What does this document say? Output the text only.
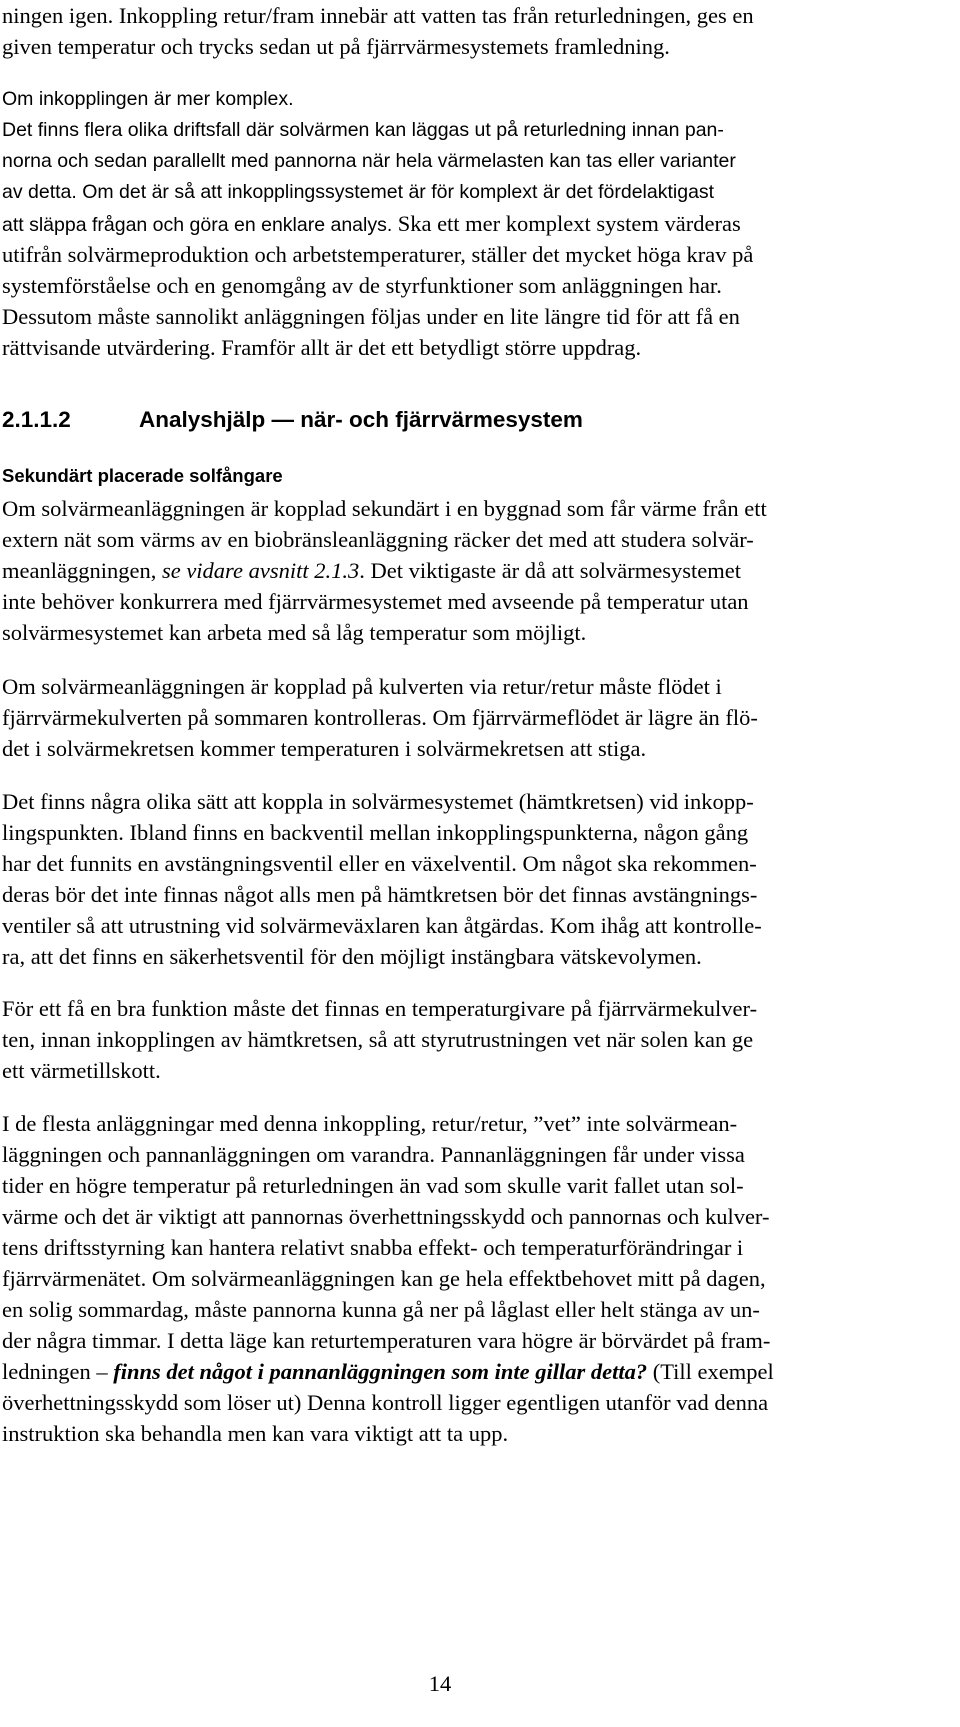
ningen igen. Inkoppling retur/fram innebär att vatten tas från returledningen, ges en
given temperatur och trycks sedan ut på fjärrvärmesystemets framledning.
Om inkopplingen är mer komplex.
Det finns flera olika driftsfall där solvärmen kan läggas ut på returledning innan pan-
norna och sedan parallellt med pannorna när hela värmelasten kan tas eller varianter
av detta. Om det är så att inkopplingssystemet är för komplext är det fördelaktigast
att släppa frågan och göra en enklare analys. Ska ett mer komplext system värderas
utifrån solvärmeproduktion och arbetstemperaturer, ställer det mycket höga krav på
systemförståelse och en genomgång av de styrfunktioner som anläggningen har.
Dessutom måste sannolikt anläggningen följas under en lite längre tid för att få en
rättvisande utvärdering. Framför allt är det ett betydligt större uppdrag.
2.1.1.2	Analyshjälp — när- och fjärrvärmesystem
Sekundärt placerade solfångare
Om solvärmeanläggningen är kopplad sekundärt i en byggnad som får värme från ett
extern nät som värms av en biobränsleanläggning räcker det med att studera solvär-
meanläggningen, se vidare avsnitt 2.1.3. Det viktigaste är då att solvärmesystemet
inte behöver konkurrera med fjärrvärmesystemet med avseende på temperatur utan
solvärmesystemet kan arbeta med så låg temperatur som möjligt.
Om solvärmeanläggningen är kopplad på kulverten via retur/retur måste flödet i
fjärrvärmekulverten på sommaren kontrolleras. Om fjärrvärmeflödet är lägre än flö-
det i solvärmekretsen kommer temperaturen i solvärmekretsen att stiga.
Det finns några olika sätt att koppla in solvärmesystemet (hämtkretsen) vid inkopp-
lingspunkten. Ibland finns en backventil mellan inkopplingspunkterna, någon gång
har det funnits en avstängningsventil eller en växelventil. Om något ska rekommen-
deras bör det inte finnas något alls men på hämtkretsen bör det finnas avstängnings-
ventiler så att utrustning vid solvärmeväxlaren kan åtgärdas. Kom ihåg att kontrolle-
ra, att det finns en säkerhetsventil för den möjligt instängbara vätskevolymen.
För ett få en bra funktion måste det finnas en temperaturgivare på fjärrvärmekulver-
ten, innan inkopplingen av hämtkretsen, så att styrutrustningen vet när solen kan ge
ett värmetillskott.
I de flesta anläggningar med denna inkoppling, retur/retur, ”vet” inte solvärmean-
läggningen och pannanläggningen om varandra. Pannanläggningen får under vissa
tider en högre temperatur på returledningen än vad som skulle varit fallet utan sol-
värme och det är viktigt att pannornas överhettningsskydd och pannornas och kulver-
tens driftsstyrning kan hantera relativt snabba effekt- och temperaturförändringar i
fjärrvärmenätet. Om solvärmeanläggningen kan ge hela effektbehovet mitt på dagen,
en solig sommardag, måste pannorna kunna gå ner på låglast eller helt stänga av un-
der några timmar. I detta läge kan returtemperaturen vara högre är börvärdet på fram-
ledningen – finns det något i pannanläggningen som inte gillar detta? (Till exempel
överhettningsskydd som löser ut) Denna kontroll ligger egentligen utanför vad denna
instruktion ska behandla men kan vara viktigt att ta upp.
14
